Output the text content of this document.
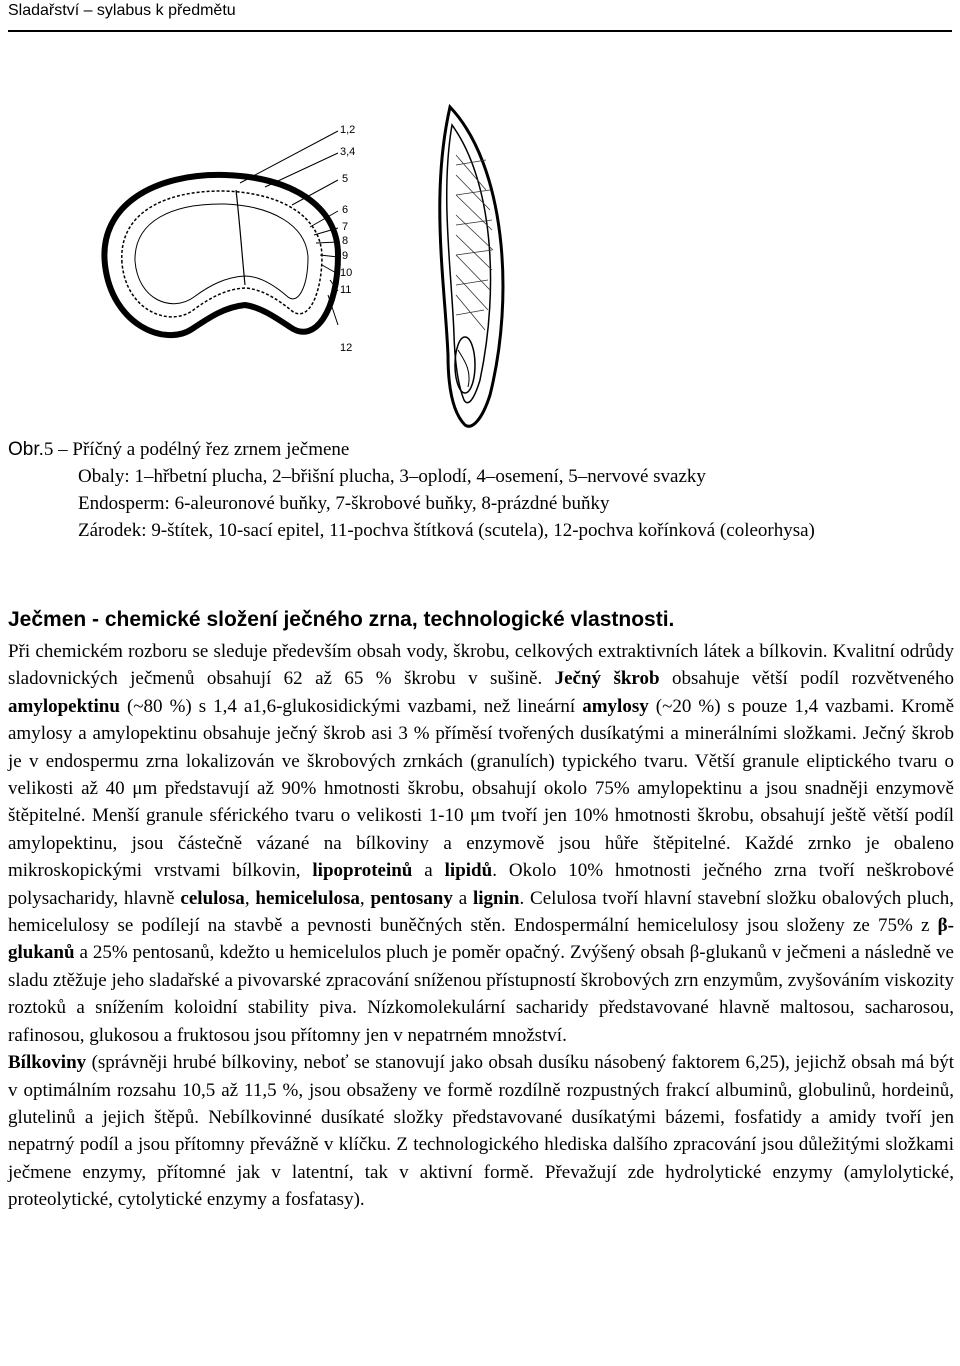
Sladařství – sylabus k předmětu
1,2
3,4
5
6
7
8
9
10
11
12
Obr.5 – Příčný a podélný řez zrnem ječmene
Obaly: 1–hřbetní plucha, 2–břišní plucha, 3–oplodí, 4–osemení, 5–nervové svazky
Endosperm: 6-aleuronové buňky, 7-škrobové buňky, 8-prázdné buňky
Zárodek: 9-štítek, 10-sací epitel, 11-pochva štítková (scutela), 12-pochva kořínková (coleorhysa)
Ječmen - chemické složení ječného zrna, technologické vlastnosti.

Při chemickém rozboru se sleduje především obsah vody, škrobu, celkových extraktivních látek a bílkovin. Kvalitní odrůdy sladovnických ječmenů obsahují 62 až 65 % škrobu v sušině. Ječný škrob obsahuje větší podíl rozvětveného amylopektinu (~80 %) s 1,4 a1,6-glukosidickými vazbami, než lineární amylosy (~20 %) s pouze 1,4 vazbami. Kromě amylosy a amylopektinu obsahuje ječný škrob asi 3 % příměsí tvořených dusíkatými a minerálními složkami. Ječný škrob je v endospermu zrna lokalizován ve škrobových zrnkách (granulích) typického tvaru. Větší granule eliptického tvaru o velikosti až 40 μm představují až 90% hmotnosti škrobu, obsahují okolo 75% amylopektinu a jsou snadněji enzymově štěpitelné. Menší granule sférického tvaru o velikosti 1-10 μm tvoří jen 10% hmotnosti škrobu, obsahují ještě větší podíl amylopektinu, jsou částečně vázané na bílkoviny a enzymově jsou hůře štěpitelné. Každé zrnko je obaleno mikroskopickými vrstvami bílkovin, lipoproteinů a lipidů. Okolo 10% hmotnosti ječného zrna tvoří neškrobové polysacharidy, hlavně celulosa, hemicelulosa, pentosany a lignin. Celulosa tvoří hlavní stavební složku obalových pluch, hemicelulosy se podílejí na stavbě a pevnosti buněčných stěn. Endospermální hemicelulosy jsou složeny ze 75% z β-glukanů a 25% pentosanů, kdežto u hemicelulos pluch je poměr opačný. Zvýšený obsah β-glukanů v ječmeni a následně ve sladu ztěžuje jeho sladařské a pivovarské zpracování sníženou přístupností škrobových zrn enzymům, zvyšováním viskozity roztoků a snížením koloidní stability piva. Nízkomolekulární sacharidy představované hlavně maltosou, sacharosou, rafinosou, glukosou a fruktosou jsou přítomny jen v nepatrném množství.

Bílkoviny (správněji hrubé bílkoviny, neboť se stanovují jako obsah dusíku násobený faktorem 6,25), jejichž obsah má být v optimálním rozsahu 10,5 až 11,5 %, jsou obsaženy ve formě rozdílně rozpustných frakcí albuminů, globulinů, hordeinů, glutelinů a jejich štěpů. Nebílkovinné dusíkaté složky představované dusíkatými bázemi, fosfatidy a amidy tvoří jen nepatrný podíl a jsou přítomny převážně v klíčku. Z technologického hlediska dalšího zpracování jsou důležitými složkami ječmene enzymy, přítomné jak v latentní, tak v aktivní formě. Převažují zde hydrolytické enzymy (amylolytické, proteolytické, cytolytické enzymy a fosfatasy).
